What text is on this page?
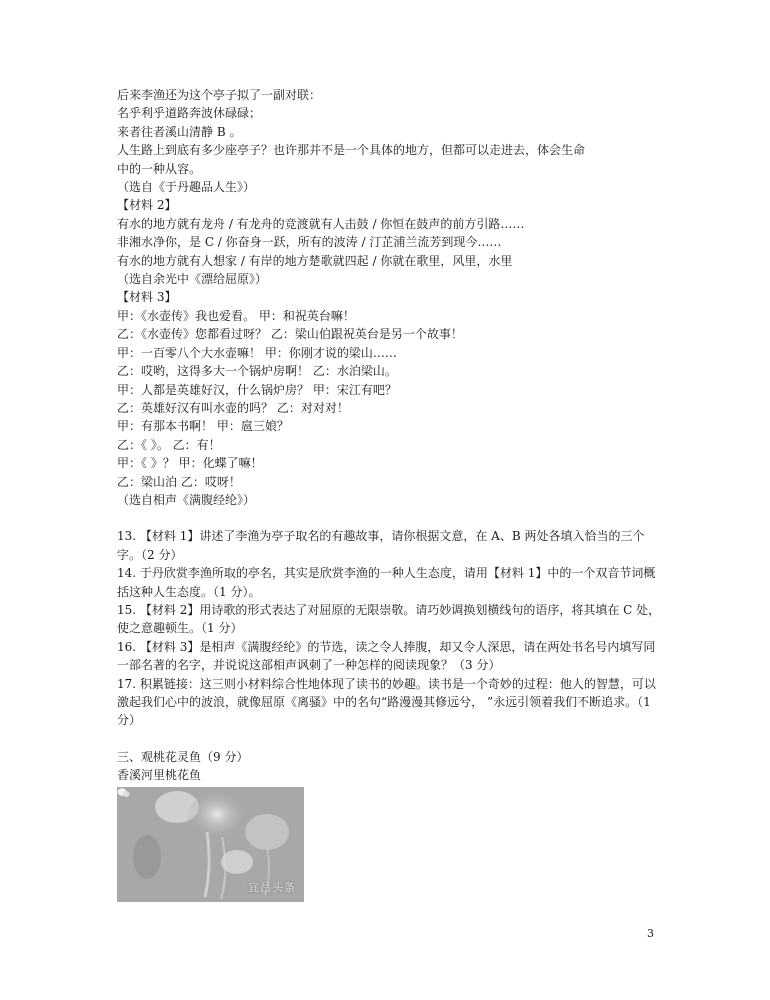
后来李渔还为这个亭子拟了一副对联：
名乎利乎道路奔波休碌碌；
来者往者溪山清静 B 。
人生路上到底有多少座亭子？也许那并不是一个具体的地方，但都可以走进去，体会生命
中的一种从容。
（选自《于丹趣品人生》）
【材料 2】
有水的地方就有龙舟 / 有龙舟的竞渡就有人击鼓 / 你恒在鼓声的前方引路……
非湘水净你，是 C / 你奋身一跃，所有的波涛 / 汀芷浦兰流芳到现今……
有水的地方就有人想家 / 有岸的地方楚歌就四起 / 你就在歌里，风里，水里
（选自余光中《漂给屈原》）
【材料 3】
甲：《水壶传》我也爱看。 甲：和祝英台嘛！
乙：《水壶传》您都看过呀？ 乙：梁山伯跟祝英台是另一个故事！
甲：一百零八个大水壶嘛！ 甲：你刚才说的梁山……
乙：哎哟，这得多大一个锅炉房啊！ 乙：水泊梁山。
甲：人都是英雄好汉，什么锅炉房？ 甲：宋江有吧？
乙：英雄好汉有叫水壶的吗？ 乙：对对对！
甲：有那本书啊！ 甲：扈三娘？
乙：《 》。 乙：有！
甲：《 》？ 甲：化蝶了嘛！
乙：梁山泊 乙：哎呀！
（选自相声《满腹经纶》）
13. 【材料 1】讲述了李渔为亭子取名的有趣故事，请你根据文意，在 A、B 两处各填入恰当的三个字。（2 分）
14. 于丹欣赏李渔所取的亭名，其实是欣赏李渔的一种人生态度，请用【材料 1】中的一个双音节词概括这种人生态度。（1 分）。
15. 【材料 2】用诗歌的形式表达了对屈原的无限崇敬。请巧妙调换划横线句的语序，将其填在 C 处，使之意趣顿生。（1 分）
16. 【材料 3】是相声《满腹经纶》的节选，读之令人捧腹，却又令人深思，请在两处书名号内填写同一部名著的名字，并说说这部相声讽刺了一种怎样的阅读现象？（3 分）
17. 积累链接：这三则小材料综合性地体现了读书的妙趣。读书是一个奇妙的过程：他人的智慧，可以激起我们心中的波浪，就像屈原《离骚》中的名句“路漫漫其修远兮， ”永远引领着我们不断追求。（1 分）
三、观桃花灵鱼（9 分）
香溪河里桃花鱼
宜昌头条
3
